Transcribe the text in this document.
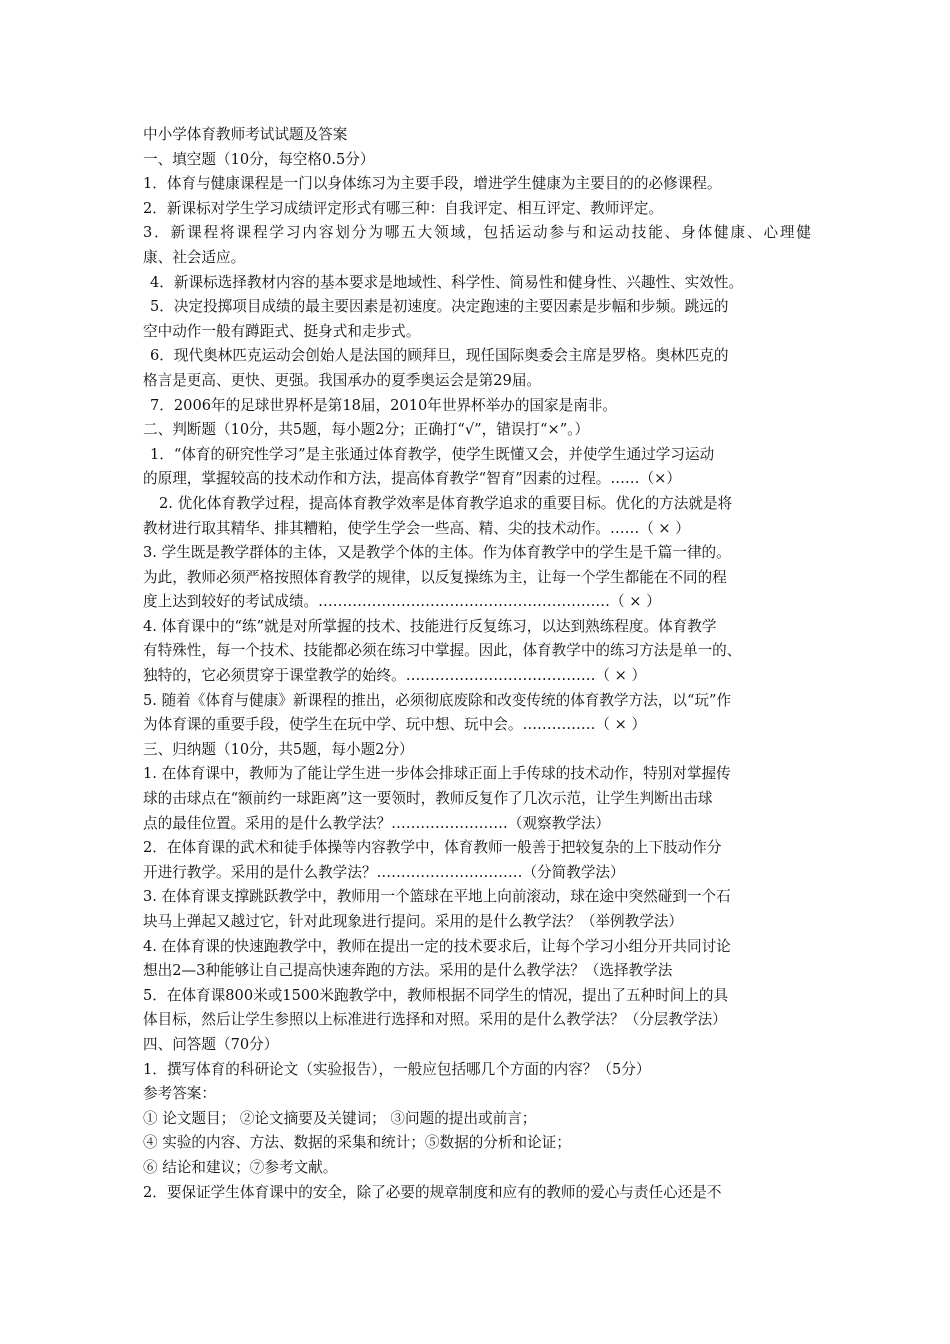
中小学体育教师考试试题及答案
一、填空题（10分，每空格0.5分）
1．体育与健康课程是一门以身体练习为主要手段，增进学生健康为主要目的的必修课程。
2．新课标对学生学习成绩评定形式有哪三种：自我评定、相互评定、教师评定。
3．新课程将课程学习内容划分为哪五大领域，包括运动参与和运动技能、身体健康、心理健
康、社会适应。
4．新课标选择教材内容的基本要求是地域性、科学性、简易性和健身性、兴趣性、实效性。
5．决定投掷项目成绩的最主要因素是初速度。决定跑速的主要因素是步幅和步频。跳远的
空中动作一般有蹲距式、挺身式和走步式。
6．现代奥林匹克运动会创始人是法国的顾拜旦，现任国际奥委会主席是罗格。奥林匹克的
格言是更高、更快、更强。我国承办的夏季奥运会是第29届。
7．2006年的足球世界杯是第18届，2010年世界杯举办的国家是南非。
二、判断题（10分，共5题，每小题2分；正确打“√”，错误打“×”。）
1．“体育的研究性学习”是主张通过体育教学，使学生既懂又会，并使学生通过学习运动
的原理，掌握较高的技术动作和方法，提高体育教学“智育”因素的过程。……（×）
2. 优化体育教学过程，提高体育教学效率是体育教学追求的重要目标。优化的方法就是将
教材进行取其精华、排其糟粕，使学生学会一些高、精、尖的技术动作。……（ × ）
3. 学生既是教学群体的主体，又是教学个体的主体。作为体育教学中的学生是千篇一律的。
为此，教师必须严格按照体育教学的规律，以反复操练为主，让每一个学生都能在不同的程
度上达到较好的考试成绩。……………………………………………………（ × ）
4. 体育课中的“练”就是对所掌握的技术、技能进行反复练习，以达到熟练程度。体育教学
有特殊性，每一个技术、技能都必须在练习中掌握。因此，体育教学中的练习方法是单一的、
独特的，它必须贯穿于课堂教学的始终。…………………………………（ × ）
5. 随着《体育与健康》新课程的推出，必须彻底废除和改变传统的体育教学方法，以“玩”作
为体育课的重要手段，使学生在玩中学、玩中想、玩中会。……………（ × ）
三、归纳题（10分，共5题，每小题2分）
1. 在体育课中，教师为了能让学生进一步体会排球正面上手传球的技术动作，特别对掌握传
球的击球点在“额前约一球距离”这一要领时，教师反复作了几次示范，让学生判断出击球
点的最佳位置。采用的是什么教学法？……………………（观察教学法）
2．在体育课的武术和徒手体操等内容教学中，体育教师一般善于把较复杂的上下肢动作分
开进行教学。采用的是什么教学法？…………………………（分简教学法）
3. 在体育课支撑跳跃教学中，教师用一个篮球在平地上向前滚动，球在途中突然碰到一个石
块马上弹起又越过它，针对此现象进行提问。采用的是什么教学法？（举例教学法）
4. 在体育课的快速跑教学中，教师在提出一定的技术要求后，让每个学习小组分开共同讨论
想出2—3种能够让自己提高快速奔跑的方法。采用的是什么教学法？（选择教学法
5．在体育课800米或1500米跑教学中，教师根据不同学生的情况，提出了五种时间上的具
体目标，然后让学生参照以上标准进行选择和对照。采用的是什么教学法？（分层教学法）
四、问答题（70分）
1．撰写体育的科研论文（实验报告），一般应包括哪几个方面的内容？（5分）
参考答案：
① 论文题目； ②论文摘要及关键词； ③问题的提出或前言；
④ 实验的内容、方法、数据的采集和统计；⑤数据的分析和论证；
⑥ 结论和建议；⑦参考文献。
2．要保证学生体育课中的安全，除了必要的规章制度和应有的教师的爱心与责任心还是不
